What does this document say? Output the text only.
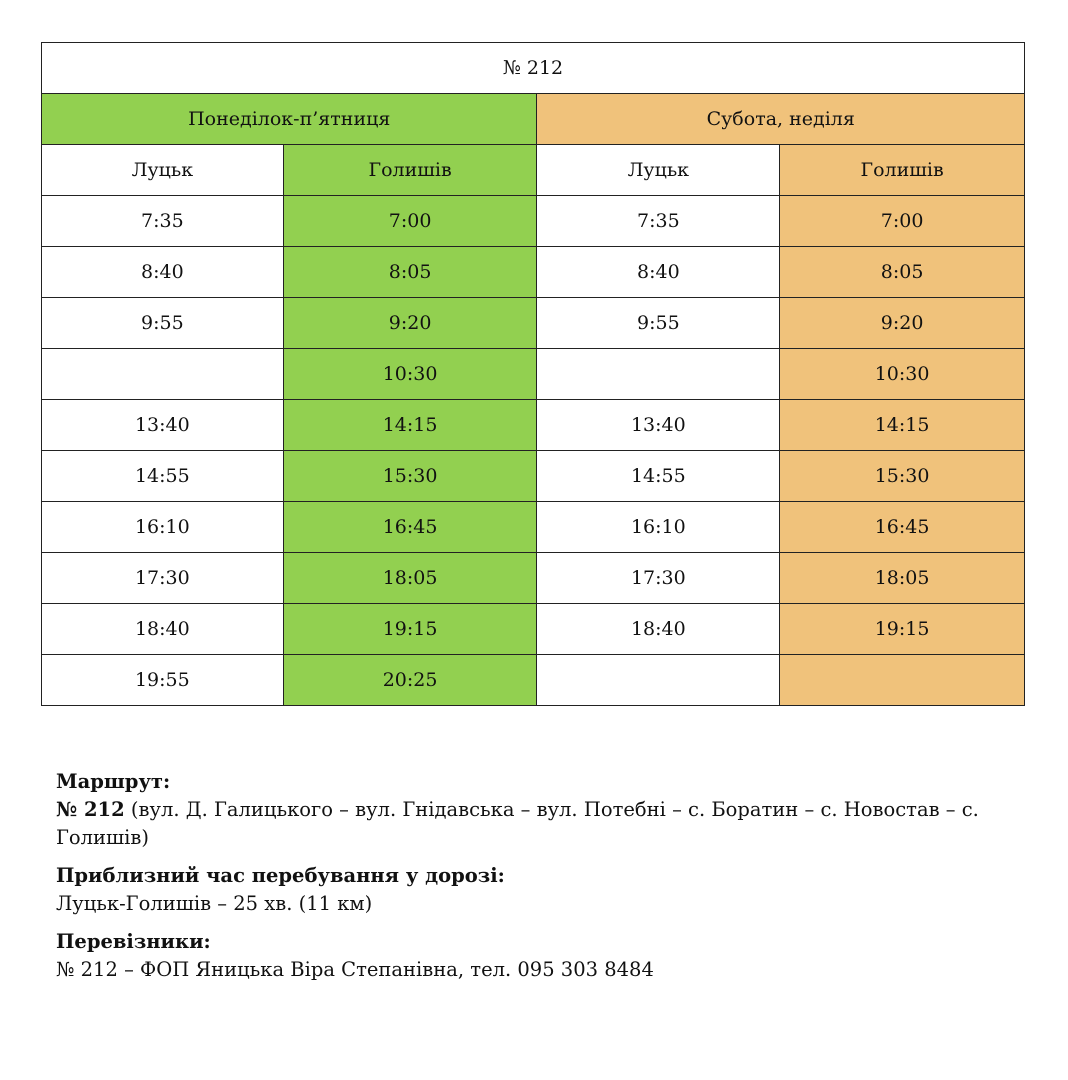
№ 212			
Понеділок-п’ятниця		Субота, неділя	
Луцьк	Голишів	Луцьк	Голишів
7:35	7:00	7:35	7:00
8:40	8:05	8:40	8:05
9:55	9:20	9:55	9:20
	10:30		10:30
13:40	14:15	13:40	14:15
14:55	15:30	14:55	15:30
16:10	16:45	16:10	16:45
17:30	18:05	17:30	18:05
18:40	19:15	18:40	19:15
19:55	20:25		

Маршрут:
№ 212 (вул. Д. Галицького – вул. Гнідавська – вул. Потебні – с. Боратин – с. Новостав – с. Голишів)

Приблизний час перебування у дорозі:
Луцьк-Голишів – 25 хв. (11 км)

Перевізники:
№ 212 – ФОП Яницька Віра Степанівна, тел. 095 303 8484
